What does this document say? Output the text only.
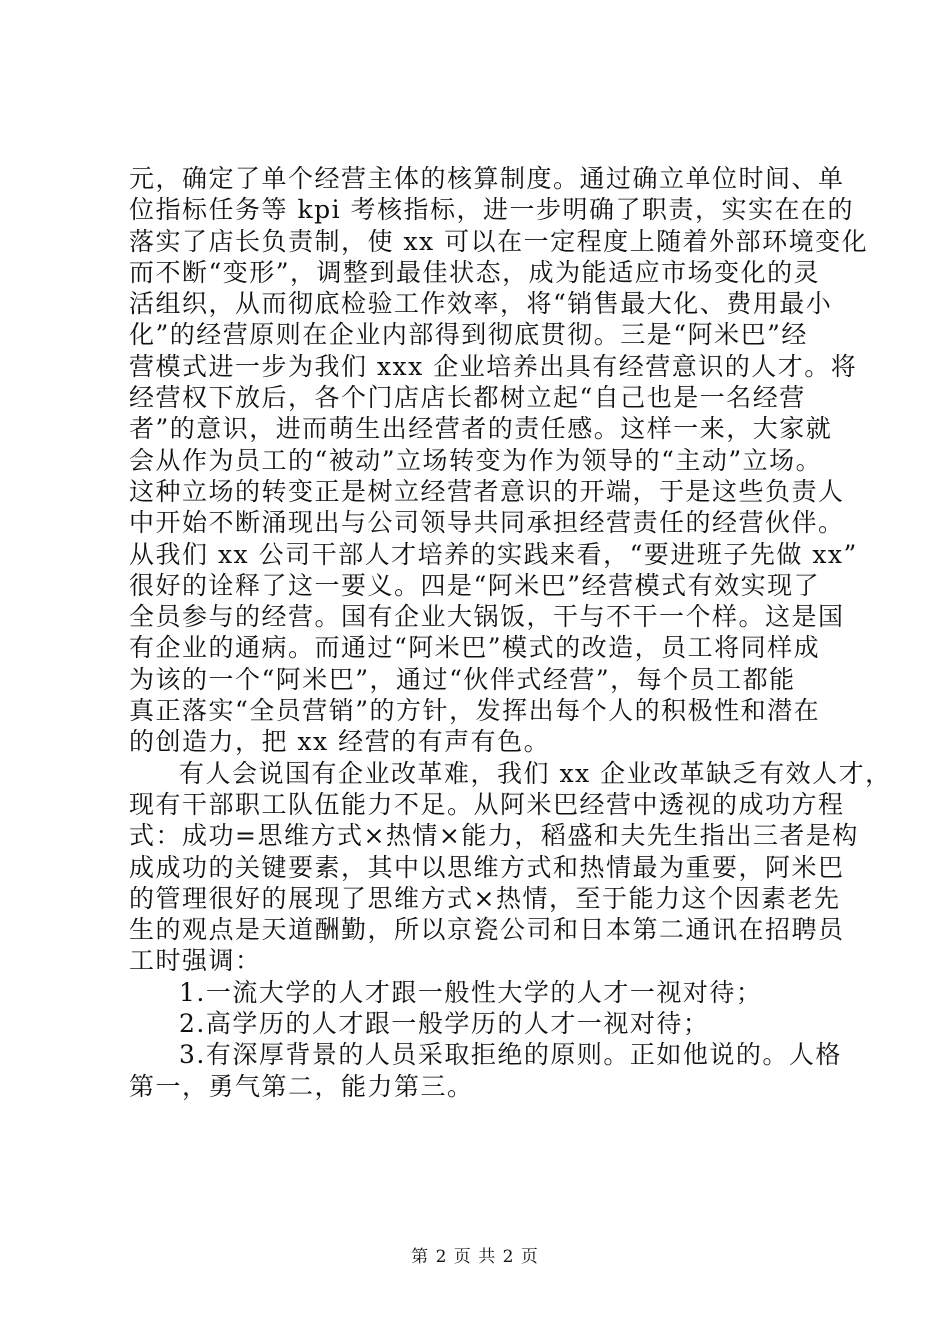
元，确定了单个经营主体的核算制度。通过确立单位时间、单
位指标任务等 kpi 考核指标，进一步明确了职责，实实在在的
落实了店长负责制，使 xx 可以在一定程度上随着外部环境变化
而不断“变形”，调整到最佳状态，成为能适应市场变化的灵
活组织，从而彻底检验工作效率，将“销售最大化、费用最小
化”的经营原则在企业内部得到彻底贯彻。三是“阿米巴”经
营模式进一步为我们 xxx 企业培养出具有经营意识的人才。将
经营权下放后，各个门店店长都树立起“自己也是一名经营
者”的意识，进而萌生出经营者的责任感。这样一来，大家就
会从作为员工的“被动”立场转变为作为领导的“主动”立场。
这种立场的转变正是树立经营者意识的开端，于是这些负责人
中开始不断涌现出与公司领导共同承担经营责任的经营伙伴。
从我们 xx 公司干部人才培养的实践来看，“要进班子先做 xx”
很好的诠释了这一要义。四是“阿米巴”经营模式有效实现了
全员参与的经营。国有企业大锅饭，干与不干一个样。这是国
有企业的通病。而通过“阿米巴”模式的改造，员工将同样成
为该的一个“阿米巴”，通过“伙伴式经营”，每个员工都能
真正落实“全员营销”的方针，发挥出每个人的积极性和潜在
的创造力，把 xx 经营的有声有色。
有人会说国有企业改革难，我们 xx 企业改革缺乏有效人才，
现有干部职工队伍能力不足。从阿米巴经营中透视的成功方程
式：成功=思维方式×热情×能力，稻盛和夫先生指出三者是构
成成功的关键要素，其中以思维方式和热情最为重要，阿米巴
的管理很好的展现了思维方式×热情，至于能力这个因素老先
生的观点是天道酬勤，所以京瓷公司和日本第二通讯在招聘员
工时强调：
1.一流大学的人才跟一般性大学的人才一视对待；
2.高学历的人才跟一般学历的人才一视对待；
3.有深厚背景的人员采取拒绝的原则。正如他说的。人格
第一，勇气第二，能力第三。
第 2 页 共 2 页
